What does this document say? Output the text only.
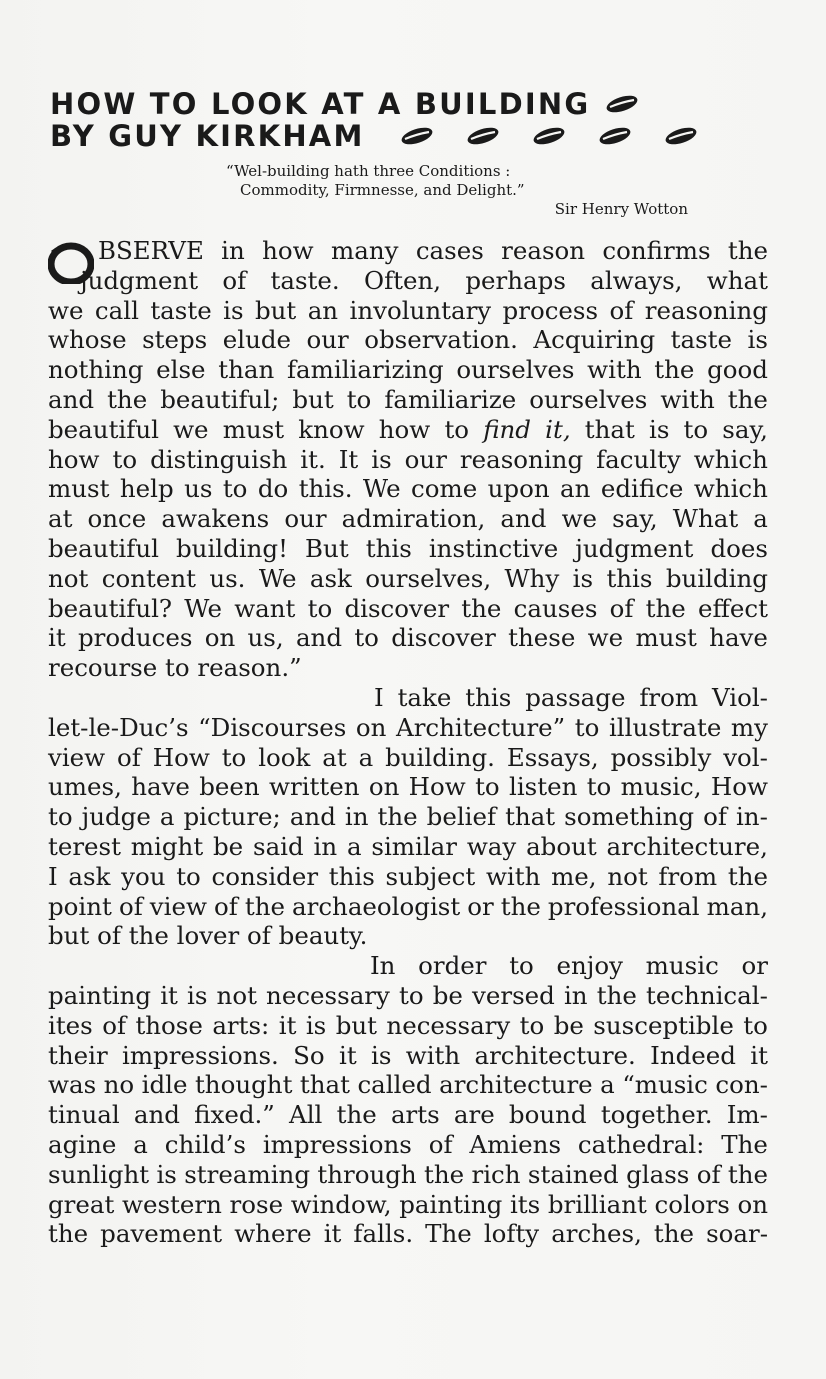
HOW TO LOOK AT A BUILDING
BY GUY KIRKHAM
“Wel-building hath three Conditions :
Commodity, Firmnesse, and Delight.”
Sir Henry Wotton
BSERVE in how many cases reason confirms the
judgment of taste. Often, perhaps always, what
we call taste is but an involuntary process of reasoning
whose steps elude our observation. Acquiring taste is
nothing else than familiarizing ourselves with the good
and the beautiful; but to familiarize ourselves with the
beautiful we must know how to find it, that is to say,
how to distinguish it. It is our reasoning faculty which
must help us to do this. We come upon an edifice which
at once awakens our admiration, and we say, What a
beautiful building! But this instinctive judgment does
not content us. We ask ourselves, Why is this building
beautiful? We want to discover the causes of the effect
it produces on us, and to discover these we must have
recourse to reason.”
I take this passage from Viol-
let-le-Duc’s “Discourses on Architecture” to illustrate my
view of How to look at a building. Essays, possibly vol-
umes, have been written on How to listen to music, How
to judge a picture; and in the belief that something of in-
terest might be said in a similar way about architecture,
I ask you to consider this subject with me, not from the
point of view of the archaeologist or the professional man,
but of the lover of beauty.
In order to enjoy music or
painting it is not necessary to be versed in the technical-
ites of those arts: it is but necessary to be susceptible to
their impressions. So it is with architecture. Indeed it
was no idle thought that called architecture a “music con-
tinual and fixed.” All the arts are bound together. Im-
agine a child’s impressions of Amiens cathedral: The
sunlight is streaming through the rich stained glass of the
great western rose window, painting its brilliant colors on
the pavement where it falls. The lofty arches, the soar-
